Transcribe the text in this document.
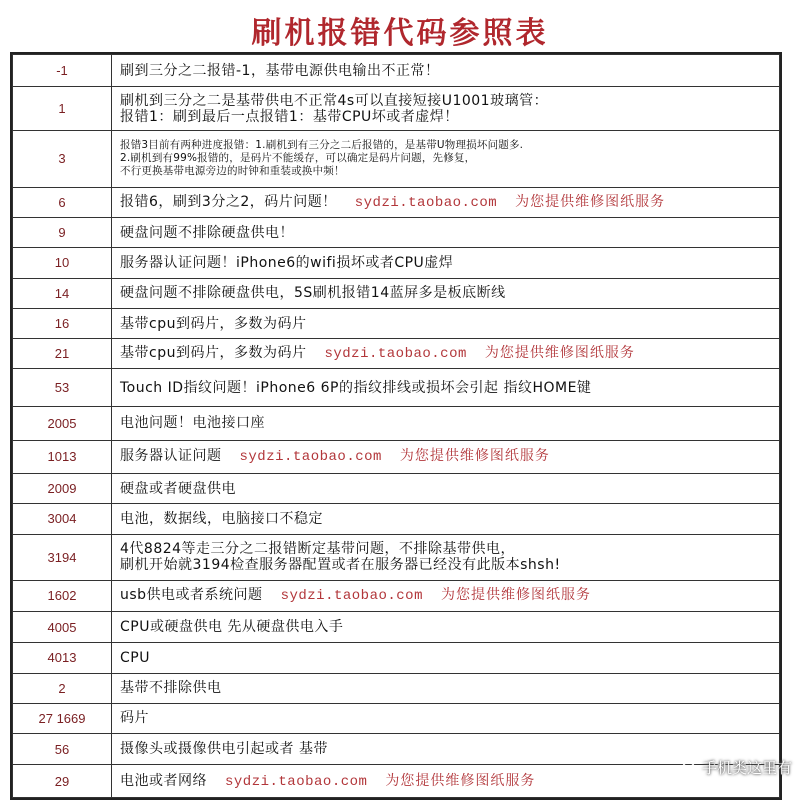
刷机报错代码参照表
-1	刷到三分之二报错-1，基带电源供电输出不正常！

1	刷机到三分之二是基带供电不正常4s可以直接短接U1001玻璃管：
报错1：刷到最后一点报错1：基带CPU坏或者虚焊！

3	报错3目前有两种进度报错：1.刷机到有三分之二后报错的，是基带U物理损坏问题多.
2.刷机到有99%报错的，是码片不能缓存，可以确定是码片问题，先修复，
不行更换基带电源旁边的时钟和重装或换中频！

6	报错6，刷到3分之2，码片问题！ sydzi.taobao.com 为您提供维修图纸服务

9	硬盘问题不排除硬盘供电！

10	服务器认证问题！iPhone6的wifi损坏或者CPU虚焊

14	硬盘问题不排除硬盘供电，5S刷机报错14蓝屏多是板底断线

16	基带cpu到码片，多数为码片

21	基带cpu到码片，多数为码片 sydzi.taobao.com 为您提供维修图纸服务

53	Touch ID指纹问题！iPhone6 6P的指纹排线或损坏会引起 指纹HOME键

2005	电池问题！电池接口座

1013	服务器认证问题 sydzi.taobao.com 为您提供维修图纸服务

2009	硬盘或者硬盘供电

3004	电池，数据线，电脑接口不稳定

3194	4代8824等走三分之二报错断定基带问题，不排除基带供电，
刷机开始就3194检查服务器配置或者在服务器已经没有此版本shsh!

1602	usb供电或者系统问题 sydzi.taobao.com 为您提供维修图纸服务

4005	CPU或硬盘供电 先从硬盘供电入手

4013	CPU

2	基带不排除供电

27 1669	码片

56	摄像头或摄像供电引起或者 基带

29	电池或者网络 sydzi.taobao.com 为您提供维修图纸服务
手机类这里有
